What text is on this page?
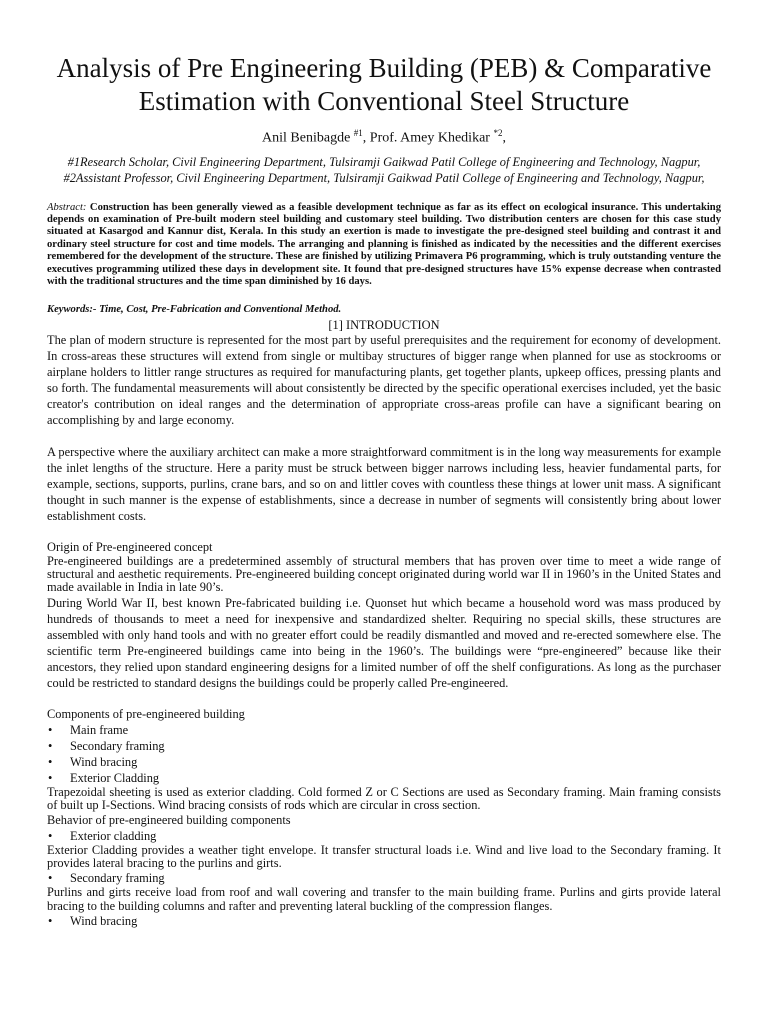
Analysis of Pre Engineering Building (PEB) & Comparative Estimation with Conventional Steel Structure

Anil Benibagde $^{\#1}$, Prof. Amey Khedikar $^{*2}$,

#1Research Scholar, Civil Engineering Department, Tulsiramji Gaikwad Patil College of Engineering and Technology, Nagpur,

#2Assistant Professor, Civil Engineering Department, Tulsiramji Gaikwad Patil College of Engineering and Technology, Nagpur,

Abstract: Construction has been generally viewed as a feasible development technique as far as its effect on ecological insurance. This undertaking depends on examination of Pre-built modern steel building and customary steel building. Two distribution centers are chosen for this case study situated at Kasargod and Kannur dist, Kerala. In this study an exertion is made to investigate the pre-designed steel building and contrast it and ordinary steel structure for cost and time models. The arranging and planning is finished as indicated by the necessities and the different exercises remembered for the development of the structure. These are finished by utilizing Primavera P6 programming, which is truly outstanding venture the executives programming utilized these days in development site. It found that pre-designed structures have 15% expense decrease when contrasted with the traditional structures and the time span diminished by 16 days.

Keywords:- Time, Cost, Pre-Fabrication and Conventional Method.

[1] INTRODUCTION

The plan of modern structure is represented for the most part by useful prerequisites and the requirement for economy of development. In cross-areas these structures will extend from single or multibay structures of bigger range when planned for use as stockrooms or airplane holders to littler range structures as required for manufacturing plants, get together plants, upkeep offices, pressing plants and so forth. The fundamental measurements will about consistently be directed by the specific operational exercises included, yet the basic creator's contribution on ideal ranges and the determination of appropriate cross-areas profile can have a significant bearing on accomplishing by and large economy.

A perspective where the auxiliary architect can make a more straightforward commitment is in the long way measurements for example the inlet lengths of the structure. Here a parity must be struck between bigger narrows including less, heavier fundamental parts, for example, sections, supports, purlins, crane bars, and so on and littler coves with countless these things at lower unit mass. A significant thought in such manner is the expense of establishments, since a decrease in number of segments will consistently bring about lower establishment costs.

Origin of Pre-engineered concept

Pre-engineered buildings are a predetermined assembly of structural members that has proven over time to meet a wide range of structural and aesthetic requirements. Pre-engineered building concept originated during world war II in 1960’s in the United States and made available in India in late 90’s.

During World War II, best known Pre-fabricated building i.e. Quonset hut which became a household word was mass produced by hundreds of thousands to meet a need for inexpensive and standardized shelter. Requiring no special skills, these structures are assembled with only hand tools and with no greater effort could be readily dismantled and moved and re-erected somewhere else. The scientific term Pre-engineered buildings came into being in the 1960’s. The buildings were “pre-engineered” because like their ancestors, they relied upon standard engineering designs for a limited number of off the shelf configurations. As long as the purchaser could be restricted to standard designs the buildings could be properly called Pre-engineered.

Components of pre-engineered building

• Main frame
• Secondary framing
• Wind bracing
• Exterior Cladding

Trapezoidal sheeting is used as exterior cladding. Cold formed Z or C Sections are used as Secondary framing. Main framing consists of built up I-Sections. Wind bracing consists of rods which are circular in cross section.

Behavior of pre-engineered building components

• Exterior cladding

Exterior Cladding provides a weather tight envelope. It transfer structural loads i.e. Wind and live load to the Secondary framing. It provides lateral bracing to the purlins and girts.

• Secondary framing

Purlins and girts receive load from roof and wall covering and transfer to the main building frame. Purlins and girts provide lateral bracing to the building columns and rafter and preventing lateral buckling of the compression flanges.

• Wind bracing
